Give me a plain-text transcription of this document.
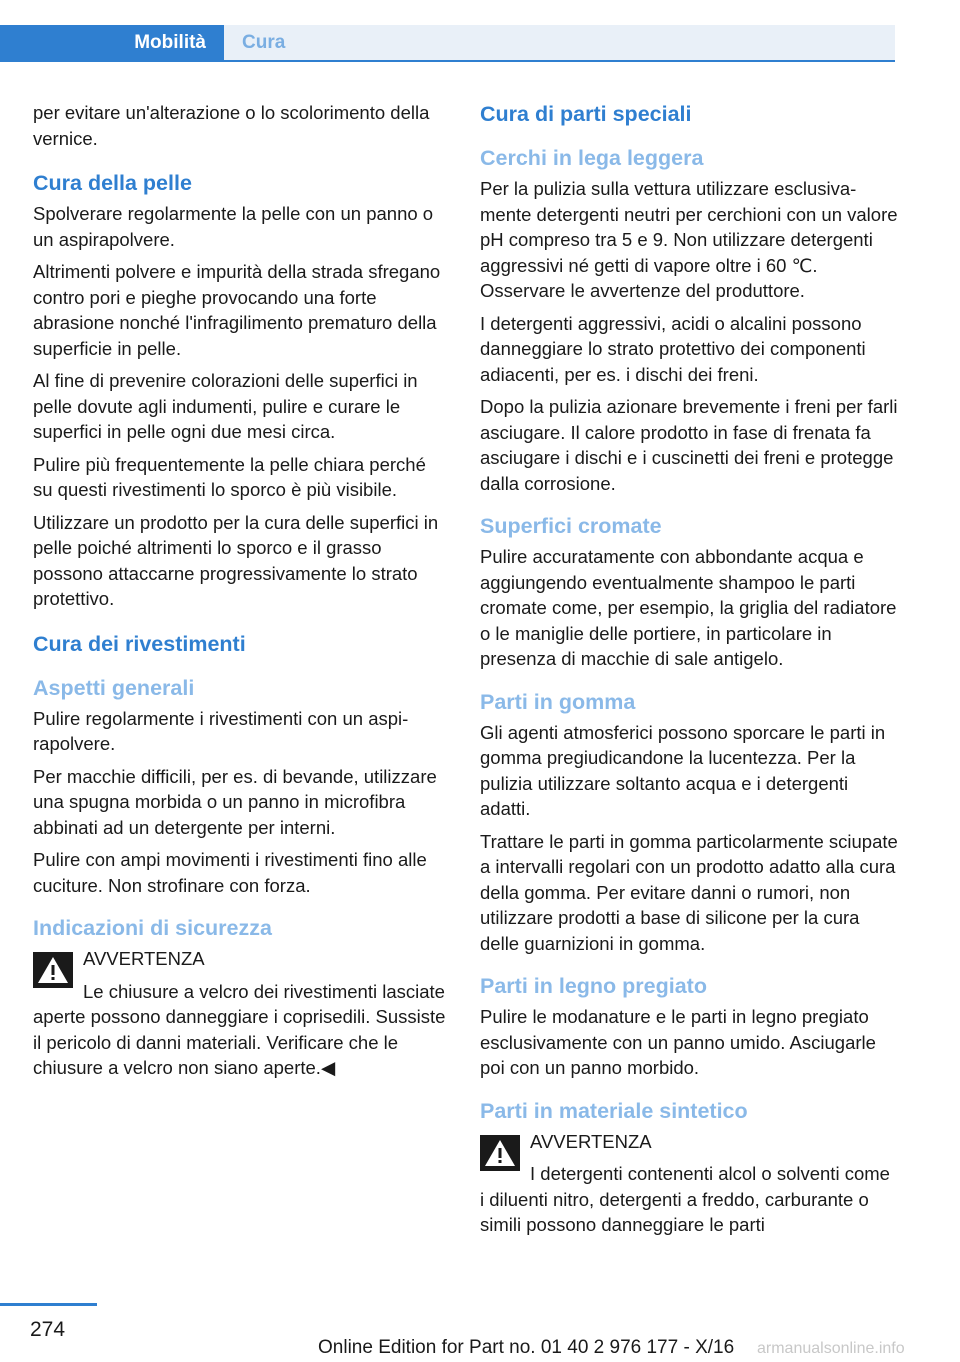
Mobilità	Cura

per evitare un'alterazione o lo scolorimento della vernice.

Cura della pelle

Spolverare regolarmente la pelle con un panno o un aspirapolvere.

Altrimenti polvere e impurità della strada sfregano contro pori e pieghe provocando una forte abrasione nonché l'infragilimento prematuro della superficie in pelle.

Al fine di prevenire colorazioni delle superfici in pelle dovute agli indumenti, pulire e curare le superfici in pelle ogni due mesi circa.

Pulire più frequentemente la pelle chiara perché su questi rivestimenti lo sporco è più visibile.

Utilizzare un prodotto per la cura delle superfici in pelle poiché altrimenti lo sporco e il grasso possono attaccarne progressivamente lo strato protettivo.

Cura dei rivestimenti
Aspetti generali

Pulire regolarmente i rivestimenti con un aspirapolvere.

Per macchie difficili, per es. di bevande, utilizzare una spugna morbida o un panno in microfibra abbinati ad un detergente per interni.

Pulire con ampi movimenti i rivestimenti fino alle cuciture. Non strofinare con forza.

Indicazioni di sicurezza

AVVERTENZA

Le chiusure a velcro dei rivestimenti lasciate aperte possono danneggiare i coprisedili. Sussiste il pericolo di danni materiali. Verificare che le chiusure a velcro non siano aperte.◀

Cura di parti speciali
Cerchi in lega leggera

Per la pulizia sulla vettura utilizzare esclusivamente detergenti neutri per cerchioni con un valore pH compreso tra 5 e 9. Non utilizzare detergenti aggressivi né getti di vapore oltre i 60 ℃. Osservare le avvertenze del produttore.

I detergenti aggressivi, acidi o alcalini possono danneggiare lo strato protettivo dei componenti adiacenti, per es. i dischi dei freni.

Dopo la pulizia azionare brevemente i freni per farli asciugare. Il calore prodotto in fase di frenata fa asciugare i dischi e i cuscinetti dei freni e protegge dalla corrosione.

Superfici cromate

Pulire accuratamente con abbondante acqua e aggiungendo eventualmente shampoo le parti cromate come, per esempio, la griglia del radiatore o le maniglie delle portiere, in particolare in presenza di macchie di sale antigelo.

Parti in gomma

Gli agenti atmosferici possono sporcare le parti in gomma pregiudicandone la lucentezza. Per la pulizia utilizzare soltanto acqua e i detergenti adatti.

Trattare le parti in gomma particolarmente sciupate a intervalli regolari con un prodotto adatto alla cura della gomma. Per evitare danni o rumori, non utilizzare prodotti a base di silicone per la cura delle guarnizioni in gomma.

Parti in legno pregiato

Pulire le modanature e le parti in legno pregiato esclusivamente con un panno umido. Asciugarle poi con un panno morbido.

Parti in materiale sintetico

AVVERTENZA

I detergenti contenenti alcol o solventi come i diluenti nitro, detergenti a freddo, carburante o simili possono danneggiare le parti

274
Online Edition for Part no. 01 40 2 976 177 - X/16 armanualsonline.info
